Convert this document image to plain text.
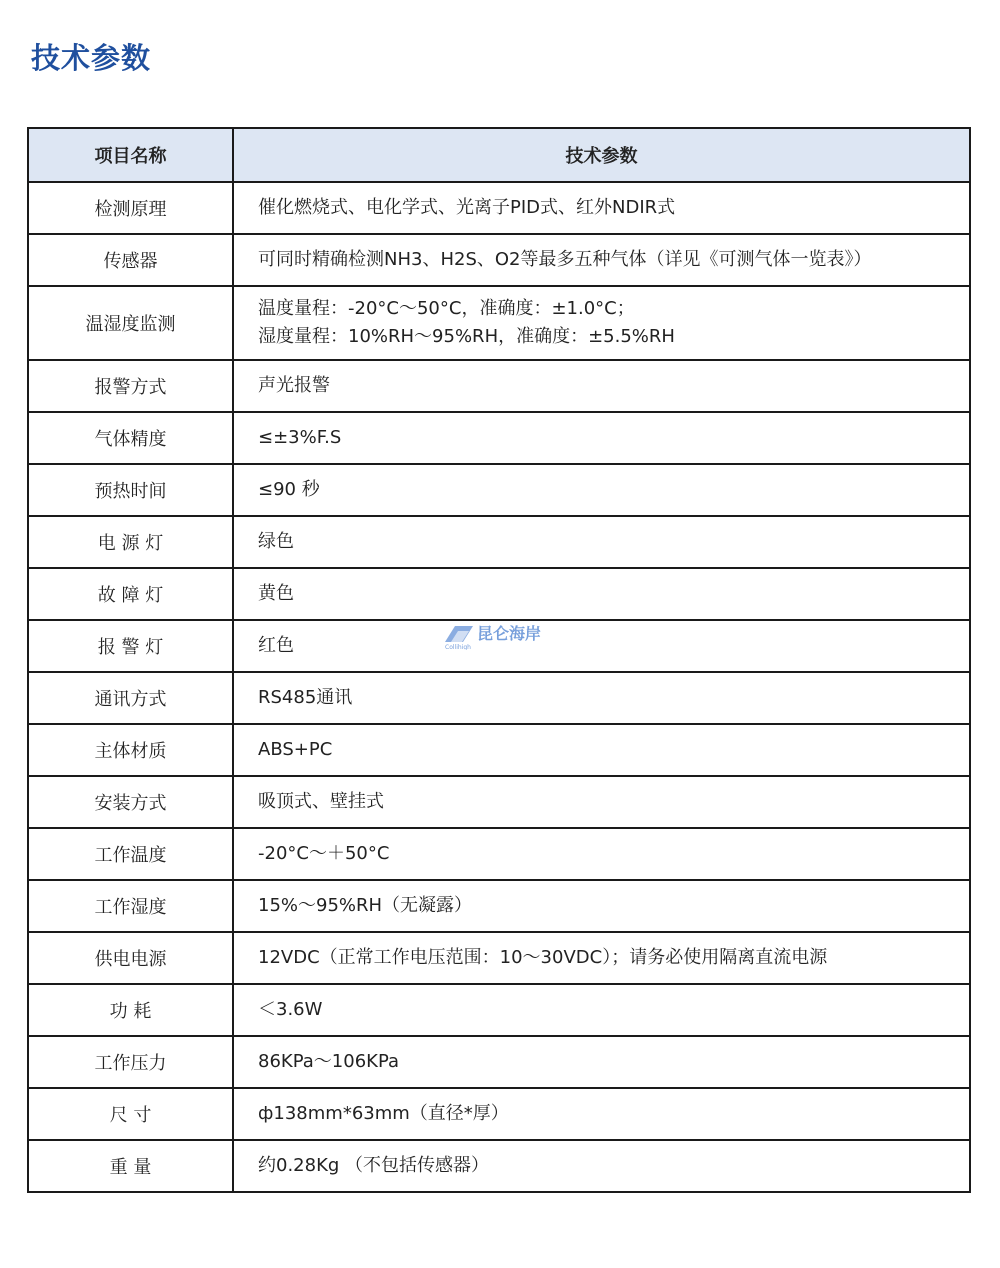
技术参数
项目名称	技术参数
检测原理	催化燃烧式、电化学式、光离子PID式、红外NDIR式

传感器	可同时精确检测NH3、H2S、O2等最多五种气体（详见《可测气体一览表》）

温湿度监测	温度量程：-20°C～50°C，准确度：±1.0°C；
湿度量程：10%RH～95%RH，准确度：±5.5%RH

报警方式	声光报警

气体精度	≤±3%F.S

预热时间	≤90 秒

电 源 灯	绿色

故 障 灯	黄色

报 警 灯	红色

通讯方式	RS485通讯

主体材质	ABS+PC

安装方式	吸顶式、壁挂式

工作温度	-20°C～＋50°C

工作湿度	15%～95%RH（无凝露）

供电电源	12VDC（正常工作电压范围：10～30VDC）；请务必使用隔离直流电源

功 耗	＜3.6W

工作压力	86KPa～106KPa

尺 寸	ф138mm*63mm（直径*厚）

重 量	约0.28Kg （不包括传感器）
昆仑海岸
Collihigh
